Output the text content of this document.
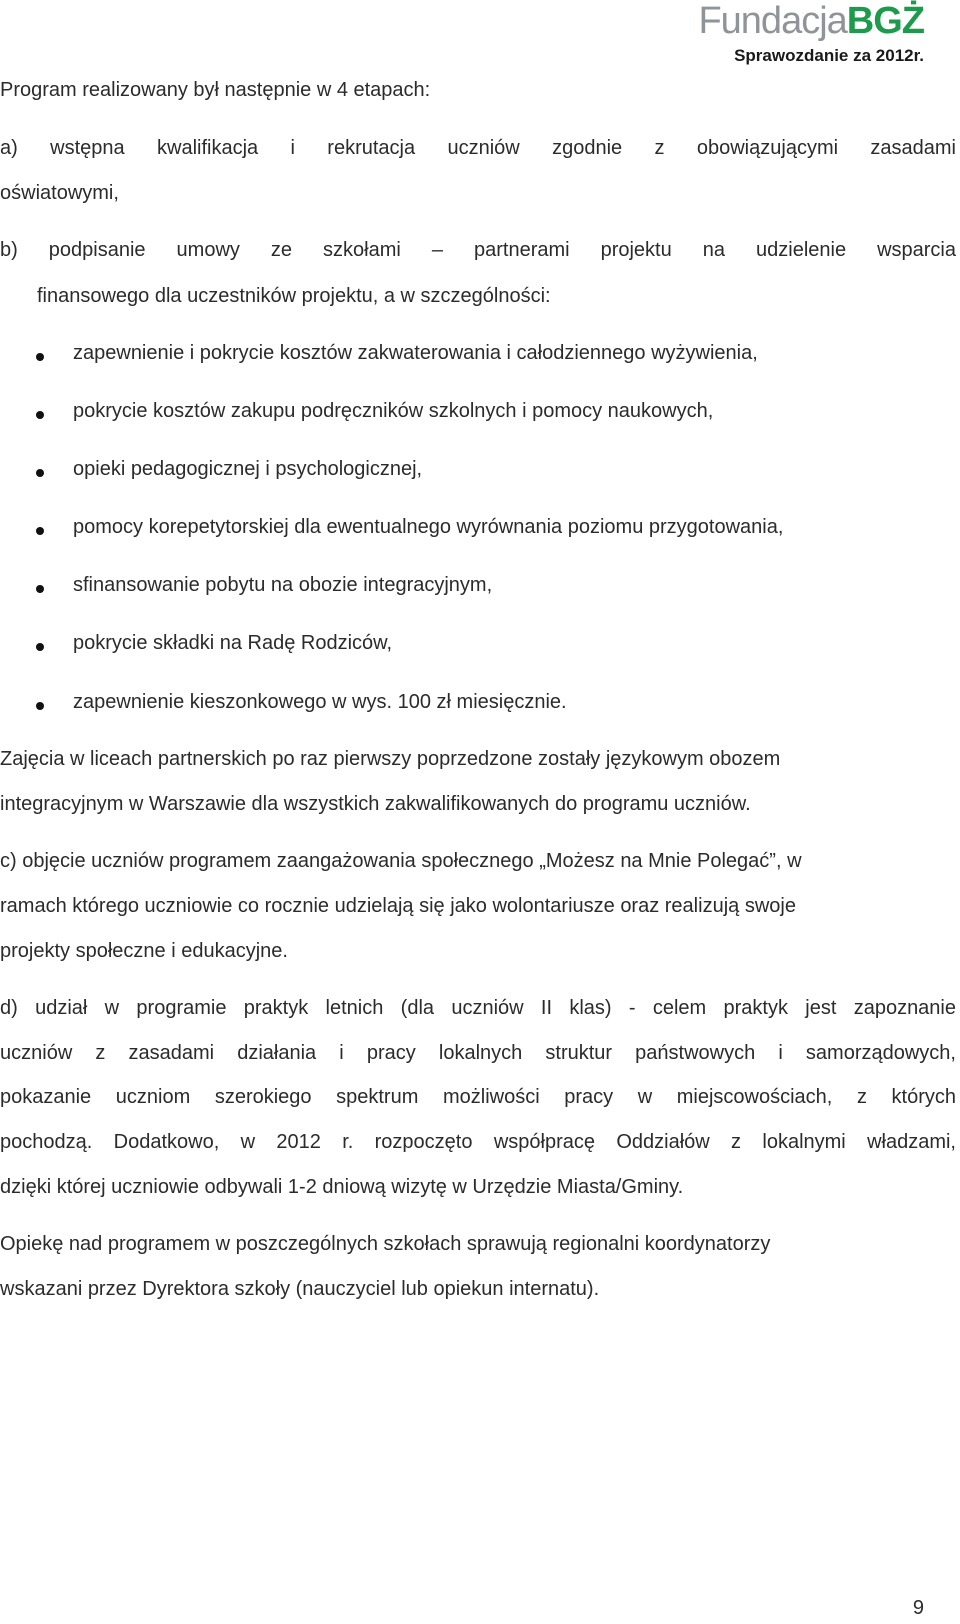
FundacjaBGŻ
Sprawozdanie za 2012r.
Program realizowany był następnie w 4 etapach:
a) wstępna kwalifikacja i rekrutacja uczniów zgodnie z obowiązującymi zasadami
oświatowymi,
b) podpisanie umowy ze szkołami – partnerami projektu na udzielenie wsparcia
finansowego dla uczestników projektu, a w szczególności:
zapewnienie i pokrycie kosztów zakwaterowania i całodziennego wyżywienia,
pokrycie kosztów zakupu podręczników szkolnych i pomocy naukowych,
opieki pedagogicznej i psychologicznej,
pomocy korepetytorskiej dla ewentualnego wyrównania poziomu przygotowania,
sfinansowanie pobytu na obozie integracyjnym,
pokrycie składki na Radę Rodziców,
zapewnienie kieszonkowego w wys. 100 zł miesięcznie.
Zajęcia w liceach partnerskich po raz pierwszy poprzedzone zostały językowym obozem
integracyjnym w Warszawie dla wszystkich zakwalifikowanych do programu uczniów.
c) objęcie uczniów programem zaangażowania społecznego „Możesz na Mnie Polegać”, w
ramach którego uczniowie co rocznie udzielają się jako wolontariusze oraz realizują swoje
projekty społeczne i edukacyjne.
d) udział w programie praktyk letnich (dla uczniów II klas) - celem praktyk jest zapoznanie
uczniów z zasadami działania i pracy lokalnych struktur państwowych i samorządowych,
pokazanie uczniom szerokiego spektrum możliwości pracy w miejscowościach, z których
pochodzą. Dodatkowo, w 2012 r. rozpoczęto współpracę Oddziałów z lokalnymi władzami,
dzięki której uczniowie odbywali 1-2 dniową wizytę w Urzędzie Miasta/Gminy.
Opiekę nad programem w poszczególnych szkołach sprawują regionalni koordynatorzy
wskazani przez Dyrektora szkoły (nauczyciel lub opiekun internatu).
9
